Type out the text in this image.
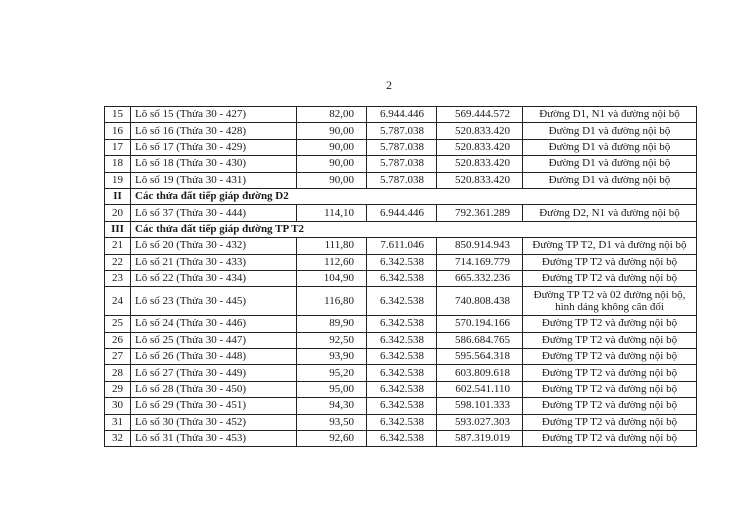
2
15	Lô số 15 (Thửa 30 - 427)	82,00	6.944.446	569.444.572	Đường D1, N1 và đường nội bộ
16	Lô số 16 (Thửa 30 - 428)	90,00	5.787.038	520.833.420	Đường D1 và đường nội bộ
17	Lô số 17 (Thửa 30 - 429)	90,00	5.787.038	520.833.420	Đường D1 và đường nội bộ
18	Lô số 18 (Thửa 30 - 430)	90,00	5.787.038	520.833.420	Đường D1 và đường nội bộ
19	Lô số 19 (Thửa 30 - 431)	90,00	5.787.038	520.833.420	Đường D1 và đường nội bộ
II	Các thửa đất tiếp giáp đường D2				
20	Lô số 37 (Thửa 30 - 444)	114,10	6.944.446	792.361.289	Đường D2, N1 và đường nội bộ
III	Các thửa đất tiếp giáp đường TP T2				
21	Lô số 20 (Thửa 30 - 432)	111,80	7.611.046	850.914.943	Đường TP T2, D1 và đường nội bộ
22	Lô số 21 (Thửa 30 - 433)	112,60	6.342.538	714.169.779	Đường TP T2 và đường nội bộ
23	Lô số 22 (Thửa 30 - 434)	104,90	6.342.538	665.332.236	Đường TP T2 và đường nội bộ
24	Lô số 23 (Thửa 30 - 445)	116,80	6.342.538	740.808.438	Đường TP T2 và 02 đường nội bộ, hình dáng không cân đối
25	Lô số 24 (Thửa 30 - 446)	89,90	6.342.538	570.194.166	Đường TP T2 và đường nội bộ
26	Lô số 25 (Thửa 30 - 447)	92,50	6.342.538	586.684.765	Đường TP T2 và đường nội bộ
27	Lô số 26 (Thửa 30 - 448)	93,90	6.342.538	595.564.318	Đường TP T2 và đường nội bộ
28	Lô số 27 (Thửa 30 - 449)	95,20	6.342.538	603.809.618	Đường TP T2 và đường nội bộ
29	Lô số 28 (Thửa 30 - 450)	95,00	6.342.538	602.541.110	Đường TP T2 và đường nội bộ
30	Lô số 29 (Thửa 30 - 451)	94,30	6.342.538	598.101.333	Đường TP T2 và đường nội bộ
31	Lô số 30 (Thửa 30 - 452)	93,50	6.342.538	593.027.303	Đường TP T2 và đường nội bộ
32	Lô số 31 (Thửa 30 - 453)	92,60	6.342.538	587.319.019	Đường TP T2 và đường nội bộ
